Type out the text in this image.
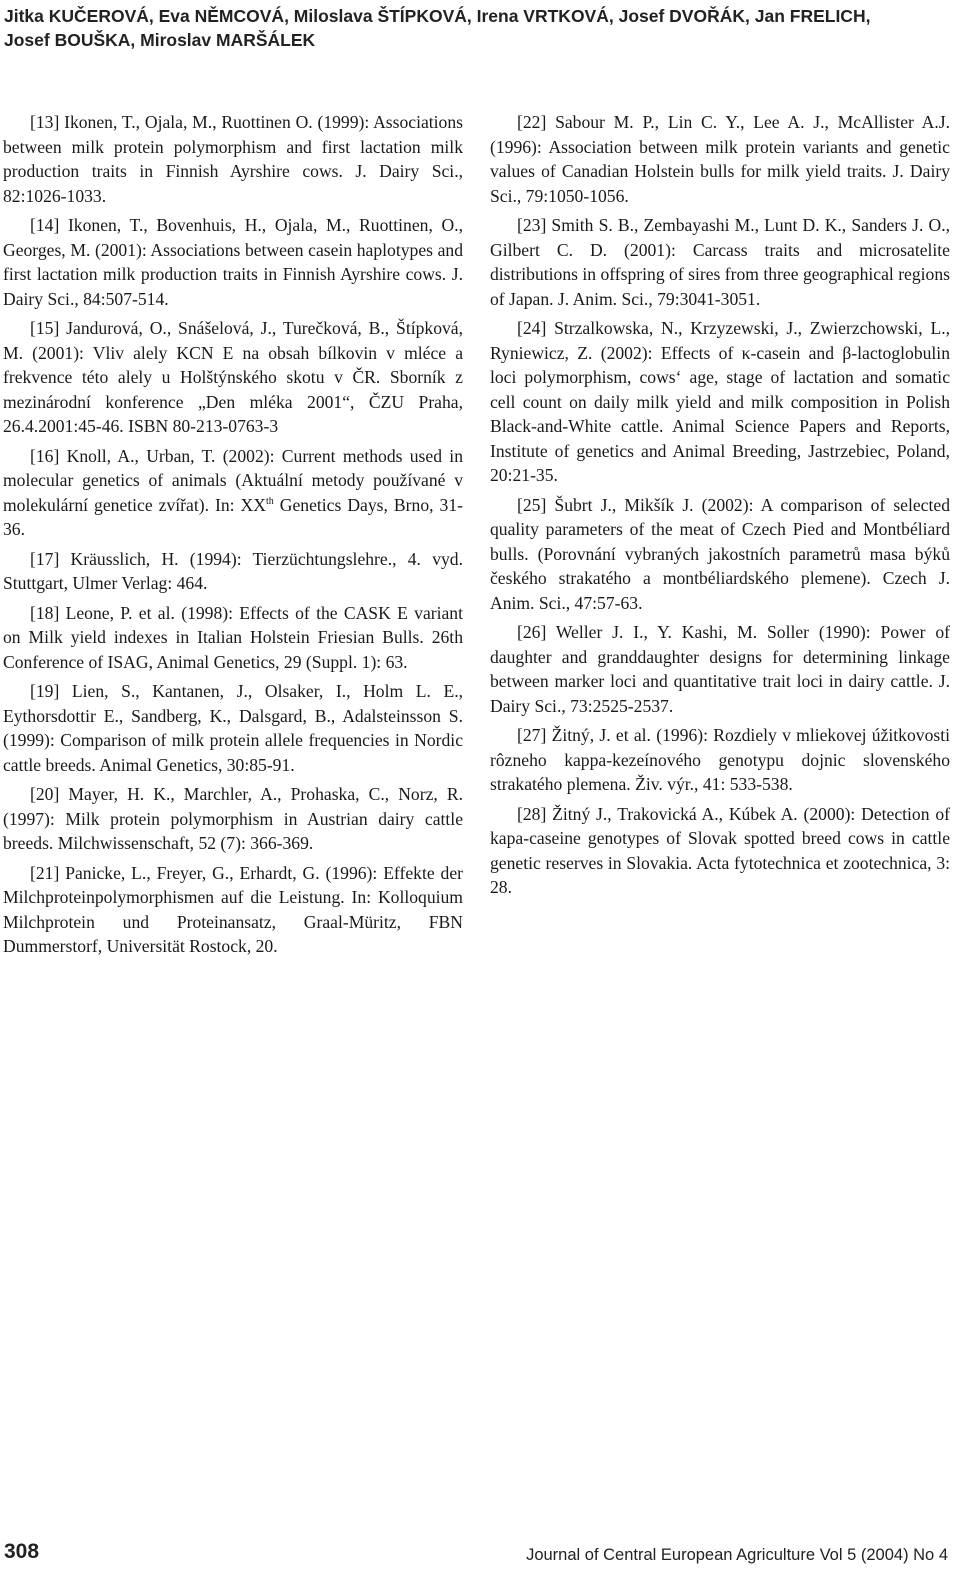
Jitka KUČEROVÁ, Eva NĚMCOVÁ, Miloslava ŠTÍPKOVÁ, Irena VRTKOVÁ, Josef DVOŘÁK, Jan FRELICH, Josef BOUŠKA, Miroslav MARŠÁLEK

[13] Ikonen, T., Ojala, M., Ruottinen O. (1999): Associations between milk protein polymorphism and first lactation milk production traits in Finnish Ayrshire cows. J. Dairy Sci., 82:1026-1033.

[14] Ikonen, T., Bovenhuis, H., Ojala, M., Ruottinen, O., Georges, M. (2001): Associations between casein haplotypes and first lactation milk production traits in Finnish Ayrshire cows. J. Dairy Sci., 84:507-514.

[15] Jandurová, O., Snášelová, J., Turečková, B., Štípková, M. (2001): Vliv alely KCN E na obsah bílkovin v mléce a frekvence této alely u Holštýnského skotu v ČR. Sborník z mezinárodní konference „Den mléka 2001“, ČZU Praha, 26.4.2001:45-46. ISBN 80-213-0763-3

[16] Knoll, A., Urban, T. (2002): Current methods used in molecular genetics of animals (Aktuální metody používané v molekulární genetice zvířat). In: XXth Genetics Days, Brno, 31-36.

[17] Kräusslich, H. (1994): Tierzüchtungslehre., 4. vyd. Stuttgart, Ulmer Verlag: 464.

[18] Leone, P. et al. (1998): Effects of the CASK E variant on Milk yield indexes in Italian Holstein Friesian Bulls. 26th Conference of ISAG, Animal Genetics, 29 (Suppl. 1): 63.

[19] Lien, S., Kantanen, J., Olsaker, I., Holm L. E., Eythorsdottir E., Sandberg, K., Dalsgard, B., Adalsteinsson S. (1999): Comparison of milk protein allele frequencies in Nordic cattle breeds. Animal Genetics, 30:85-91.

[20] Mayer, H. K., Marchler, A., Prohaska, C., Norz, R. (1997): Milk protein polymorphism in Austrian dairy cattle breeds. Milchwissenschaft, 52 (7): 366-369.

[21] Panicke, L., Freyer, G., Erhardt, G. (1996): Effekte der Milchproteinpolymorphismen auf die Leistung. In: Kolloquium Milchprotein und Proteinansatz, Graal-Müritz, FBN Dummerstorf, Universität Rostock, 20.

[22] Sabour M. P., Lin C. Y., Lee A. J., McAllister A.J. (1996): Association between milk protein variants and genetic values of Canadian Holstein bulls for milk yield traits. J. Dairy Sci., 79:1050-1056.

[23] Smith S. B., Zembayashi M., Lunt D. K., Sanders J. O., Gilbert C. D. (2001): Carcass traits and microsatelite distributions in offspring of sires from three geographical regions of Japan. J. Anim. Sci., 79:3041-3051.

[24] Strzalkowska, N., Krzyzewski, J., Zwierzchowski, L., Ryniewicz, Z. (2002): Effects of κ-casein and β-lactoglobulin loci polymorphism, cows‘ age, stage of lactation and somatic cell count on daily milk yield and milk composition in Polish Black-and-White cattle. Animal Science Papers and Reports, Institute of genetics and Animal Breeding, Jastrzebiec, Poland, 20:21-35.

[25] Šubrt J., Mikšík J. (2002): A comparison of selected quality parameters of the meat of Czech Pied and Montbéliard bulls. (Porovnání vybraných jakostních parametrů masa býků českého strakatého a montbéliardského plemene). Czech J. Anim. Sci., 47:57-63.

[26] Weller J. I., Y. Kashi, M. Soller (1990): Power of daughter and granddaughter designs for determining linkage between marker loci and quantitative trait loci in dairy cattle. J. Dairy Sci., 73:2525-2537.

[27] Žitný, J. et al. (1996): Rozdiely v mliekovej úžitkovosti rôzneho kappa-kezeínového genotypu dojnic slovenského strakatého plemena. Živ. výr., 41: 533-538.

[28] Žitný J., Trakovická A., Kúbek A. (2000): Detection of kapa-caseine genotypes of Slovak spotted breed cows in cattle genetic reserves in Slovakia. Acta fytotechnica et zootechnica, 3: 28.

308	Journal of Central European Agriculture Vol 5 (2004) No 4
